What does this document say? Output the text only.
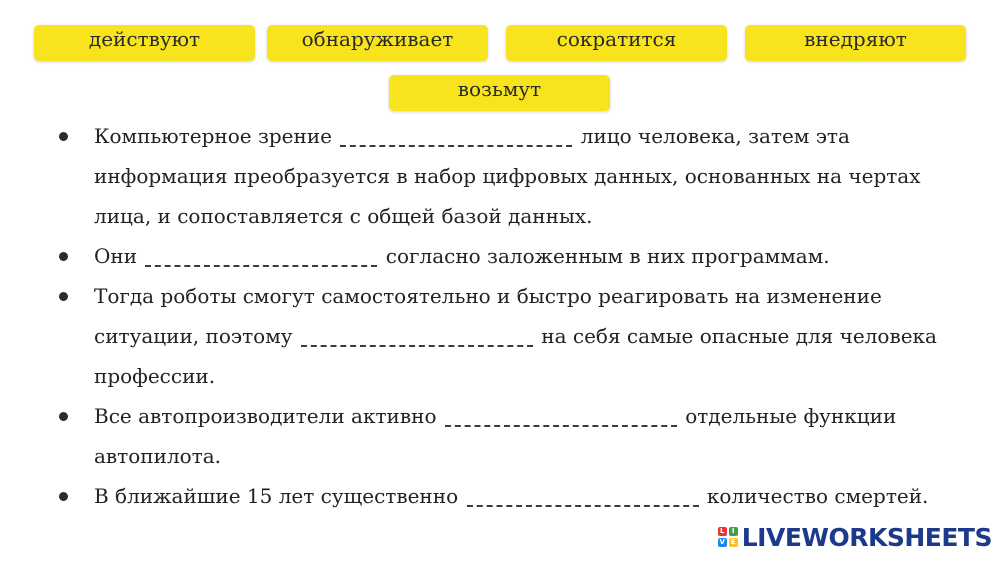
действуют	обнаруживает	сократится	внедряют
возьмут
Компьютерное зрение	лицо человека, затем эта информация преобразуется в набор цифровых данных, основанных на чертах лица, и сопоставляется с общей базой данных.
Они	согласно заложенным в них программам.
Тогда роботы смогут самостоятельно и быстро реагировать на изменение ситуации, поэтому	на себя самые опасные для человека профессии.
Все автопроизводители активно	отдельные функции автопилота.
В ближайшие 15 лет существенно	количество смертей.
L	I
V E LIVEWORKSHEETS
